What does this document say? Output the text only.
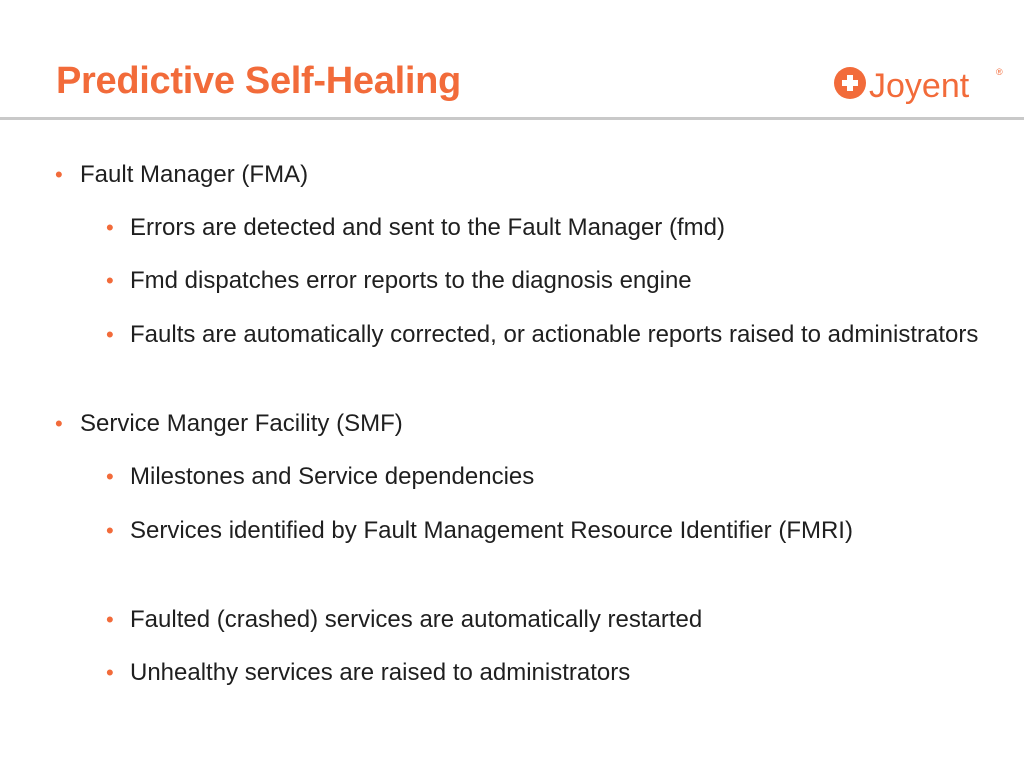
Predictive Self-Healing	Joyent	®
• Fault Manager (FMA)
• Errors are detected and sent to the Fault Manager (fmd)
• Fmd dispatches error reports to the diagnosis engine
• Faults are automatically corrected, or actionable reports raised to administrators
• Service Manger Facility (SMF)
• Milestones and Service dependencies
• Services identified by Fault Management Resource Identifier (FMRI)
• Faulted (crashed) services are automatically restarted
• Unhealthy services are raised to administrators
